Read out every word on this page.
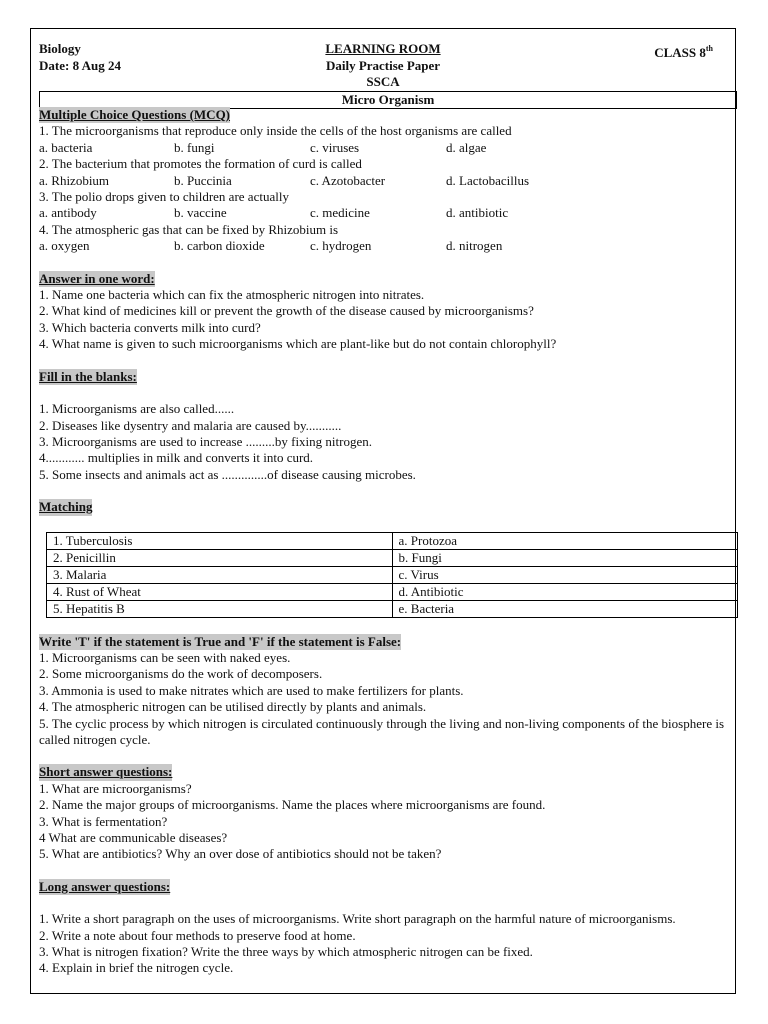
Biology
Date: 8 Aug 24
LEARNING ROOM
Daily Practise Paper
SSCA
CLASS 8th
Micro Organism
Multiple Choice Questions (MCQ)
1. The microorganisms that reproduce only inside the cells of the host organisms are called
a. bacteria	b. fungi	c. viruses	d. algae
2. The bacterium that promotes the formation of curd is called
a. Rhizobium	b. Puccinia	c. Azotobacter	d. Lactobacillus
3. The polio drops given to children are actually
a. antibody	b. vaccine	c. medicine	d. antibiotic
4. The atmospheric gas that can be fixed by Rhizobium is
a. oxygen	b. carbon dioxide	c. hydrogen	d. nitrogen
Answer in one word:
1. Name one bacteria which can fix the atmospheric nitrogen into nitrates.
2. What kind of medicines kill or prevent the growth of the disease caused by microorganisms?
3. Which bacteria converts milk into curd?
4. What name is given to such microorganisms which are plant-like but do not contain chlorophyll?
Fill in the blanks:
1. Microorganisms are also called......
2. Diseases like dysentry and malaria are caused by...........
3. Microorganisms are used to increase .........by fixing nitrogen.
4............ multiplies in milk and converts it into curd.
5. Some insects and animals act as ..............of disease causing microbes.
Matching
1. Tuberculosis	a. Protozoa
2. Penicillin	b. Fungi
3. Malaria	c. Virus
4. Rust of Wheat	d. Antibiotic
5. Hepatitis B	e. Bacteria
Write 'T' if the statement is True and 'F' if the statement is False:
1. Microorganisms can be seen with naked eyes.
2. Some microorganisms do the work of decomposers.
3. Ammonia is used to make nitrates which are used to make fertilizers for plants.
4. The atmospheric nitrogen can be utilised directly by plants and animals.
5. The cyclic process by which nitrogen is circulated continuously through the living and non-living components of the biosphere is called nitrogen cycle.
Short answer questions:
1. What are microorganisms?
2. Name the major groups of microorganisms. Name the places where microorganisms are found.
3. What is fermentation?
4 What are communicable diseases?
5. What are antibiotics? Why an over dose of antibiotics should not be taken?
Long answer questions:
1. Write a short paragraph on the uses of microorganisms. Write short paragraph on the harmful nature of microorganisms.
2. Write a note about four methods to preserve food at home.
3. What is nitrogen fixation? Write the three ways by which atmospheric nitrogen can be fixed.
4. Explain in brief the nitrogen cycle.
